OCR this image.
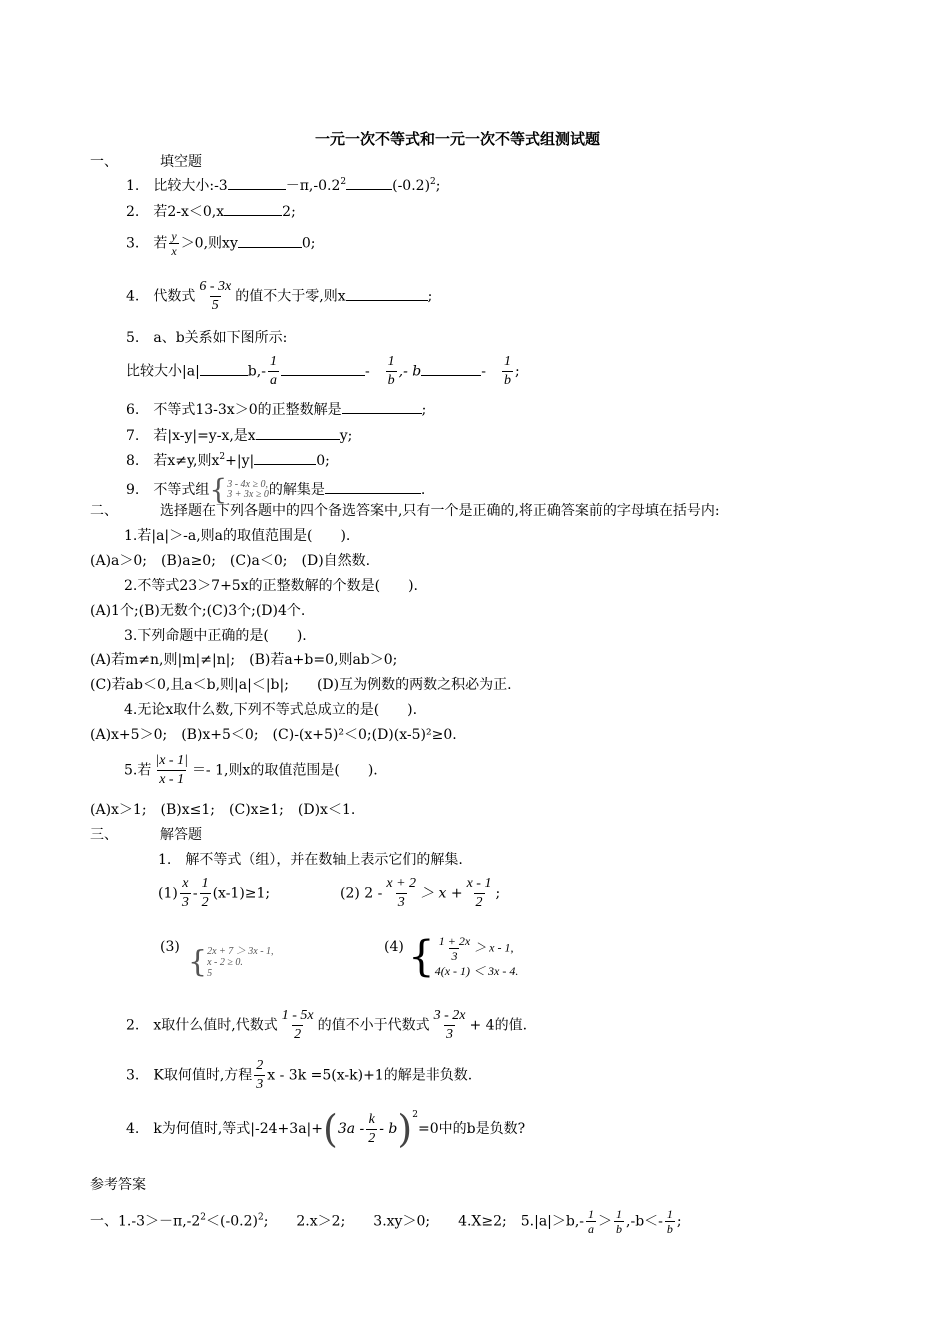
一元一次不等式和一元一次不等式组测试题
一、	填空题
1.　比较大小:-3	$-\pi,-0.2^2$	$(-0.2)^2$;
2.　若2-x＜0,x	2;
3.　若 $\frac{y}{x} >0$,则xy	0;
4.　代数式 $\frac{6 - 3x}{5}$ 的值不大于零,则x	;
5.　a、b关系如下图所示:
比较大小|a|	$b,- \frac{1}{a}$	-　 $\frac{1}{b}$ ,- b	-　 $\frac{1}{b}$ ;
6.　不等式13-3x＞0的正整数解是	;
7.　若|x-y|=y-x,是x	y;
8.　若x≠y,则$x^2+|y|$	0;
9.　不等式组{ 3 - 4x ≥ 0,
3 + 3x ≥ 0 的解集是	.
二、	选择题在下列各题中的四个备选答案中,只有一个是正确的,将正确答案前的字母填在括号内:
1.若|a|＞-a,则a的取值范围是(　　).
(A)a＞0;　(B)a≥0;　(C)a＜0;　(D)自然数.
2.不等式23＞7+5x的正整数解的个数是(　　).
(A)1个;(B)无数个;(C)3个;(D)4个.
3.下列命题中正确的是(　　).
(A)若m≠n,则|m|≠|n|;　(B)若a+b=0,则ab＞0;
(C)若ab＜0,且a＜b,则|a|＜|b|;　　(D)互为例数的两数之积必为正.
4.无论x取什么数,下列不等式总成立的是(　　).
(A)x+5＞0;　(B)x+5＜0;　(C)-(x+5)²＜0;(D)(x-5)²≥0.
5.若 $\frac{|x - 1|}{x - 1} =- 1$,则x的取值范围是(　　).
(A)x＞1;　(B)x≤1;　(C)x≥1;　(D)x＜1.
三、	解答题
1.　解不等式（组），并在数轴上表示它们的解集.
$(1) \frac{x}{3} - \frac{1}{2} (x-1)\ge 1$;	(2) $2 - \frac{x + 2}{3} > x + \frac{x - 1}{2}$ ;
(3) { 2x + 7 ＞ 3x - 1,
x - 2 ≥ 0.
5
(4) { $\frac{1 + 2x}{3} > x - 1$,
4(x - 1) ＜ 3x - 4.
2.　x取什么值时,代数式 $\frac{1 - 5x}{2}$ 的值不小于代数式 $\frac{3 - 2x}{3} + 4$的值.
3.　K取何值时,方程 $\frac{2}{3}$ x - 3k =5(x-k)+1的解是非负数.
4.　k为何值时,等式$|-24+3a|+(3a - \frac{k}{2} - b)^2=0$中的b是负数?
参考答案
一、$1.-3>-\pi,-2^2<(-0.2)^2$;　　2.x＞2;　　3.xy＞0;　　4.X≥2;　$5.|a|>b,- \frac{1}{a} > \frac{1}{b} ,-b<- \frac{1}{b}$ ;
